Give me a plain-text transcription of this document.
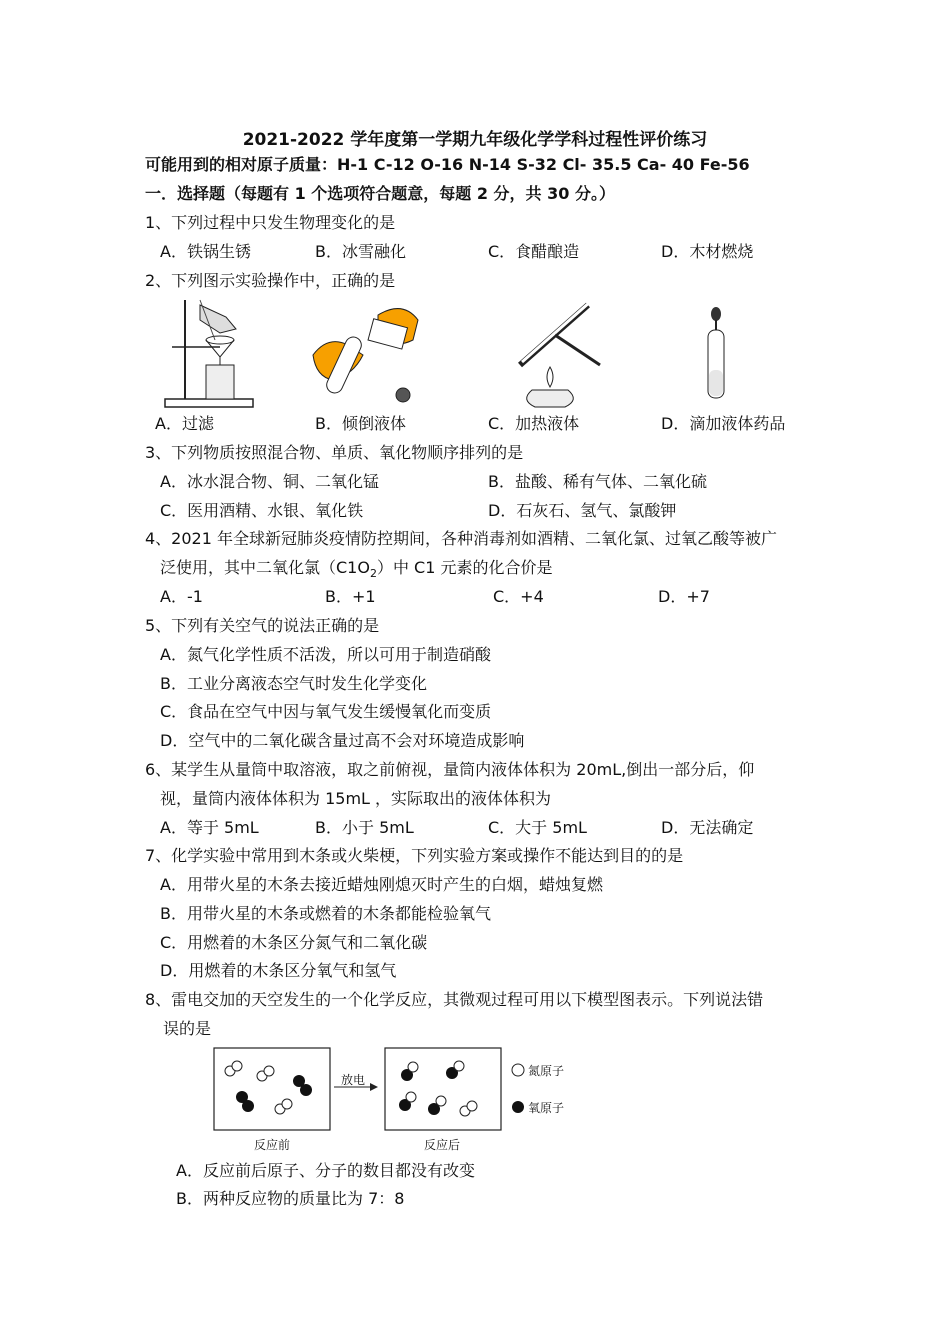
2021-2022 学年度第一学期九年级化学学科过程性评价练习
可能用到的相对原子质量：H-1 C-12 O-16 N-14 S-32 Cl- 35.5 Ca- 40 Fe-56
一．选择题（每题有 1 个选项符合题意，每题 2 分，共 30 分。）
1、下列过程中只发生物理变化的是
A．铁锅生锈	B．冰雪融化	C．食醋酿造	D．木材燃烧
2、下列图示实验操作中，正确的是
A．过滤	B．倾倒液体	C．加热液体	D．滴加液体药品
3、下列物质按照混合物、单质、氧化物顺序排列的是
A．冰水混合物、铜、二氧化锰	B．盐酸、稀有气体、二氧化硫
C．医用酒精、水银、氧化铁	D．石灰石、氢气、氯酸钾
4、2021 年全球新冠肺炎疫情防控期间，各种消毒剂如酒精、二氧化氯、过氧乙酸等被广
泛使用，其中二氧化氯$(C1O_2)$中 C1 元素的化合价是
A．-1	B．+1	C．+4	D．+7
5、下列有关空气的说法正确的是
A．氮气化学性质不活泼，所以可用于制造硝酸
B．工业分离液态空气时发生化学变化
C．食品在空气中因与氧气发生缓慢氧化而变质
D．空气中的二氧化碳含量过高不会对环境造成影响
6、某学生从量筒中取溶液，取之前俯视，量筒内液体体积为 20mL,倒出一部分后，仰
视，量筒内液体体积为 15mL ，实际取出的液体体积为
A．等于 5mL	B．小于 5mL	C．大于 5mL	D．无法确定
7、化学实验中常用到木条或火柴梗，下列实验方案或操作不能达到目的的是
A．用带火星的木条去接近蜡烛刚熄灭时产生的白烟，蜡烛复燃
B．用带火星的木条或燃着的木条都能检验氧气
C．用燃着的木条区分氮气和二氧化碳
D．用燃着的木条区分氧气和氢气
8、雷电交加的天空发生的一个化学反应，其微观过程可用以下模型图表示。下列说法错
误的是
放电
氮原子
氧原子
反应前	反应后
A．反应前后原子、分子的数目都没有改变
B．两种反应物的质量比为 7：8
